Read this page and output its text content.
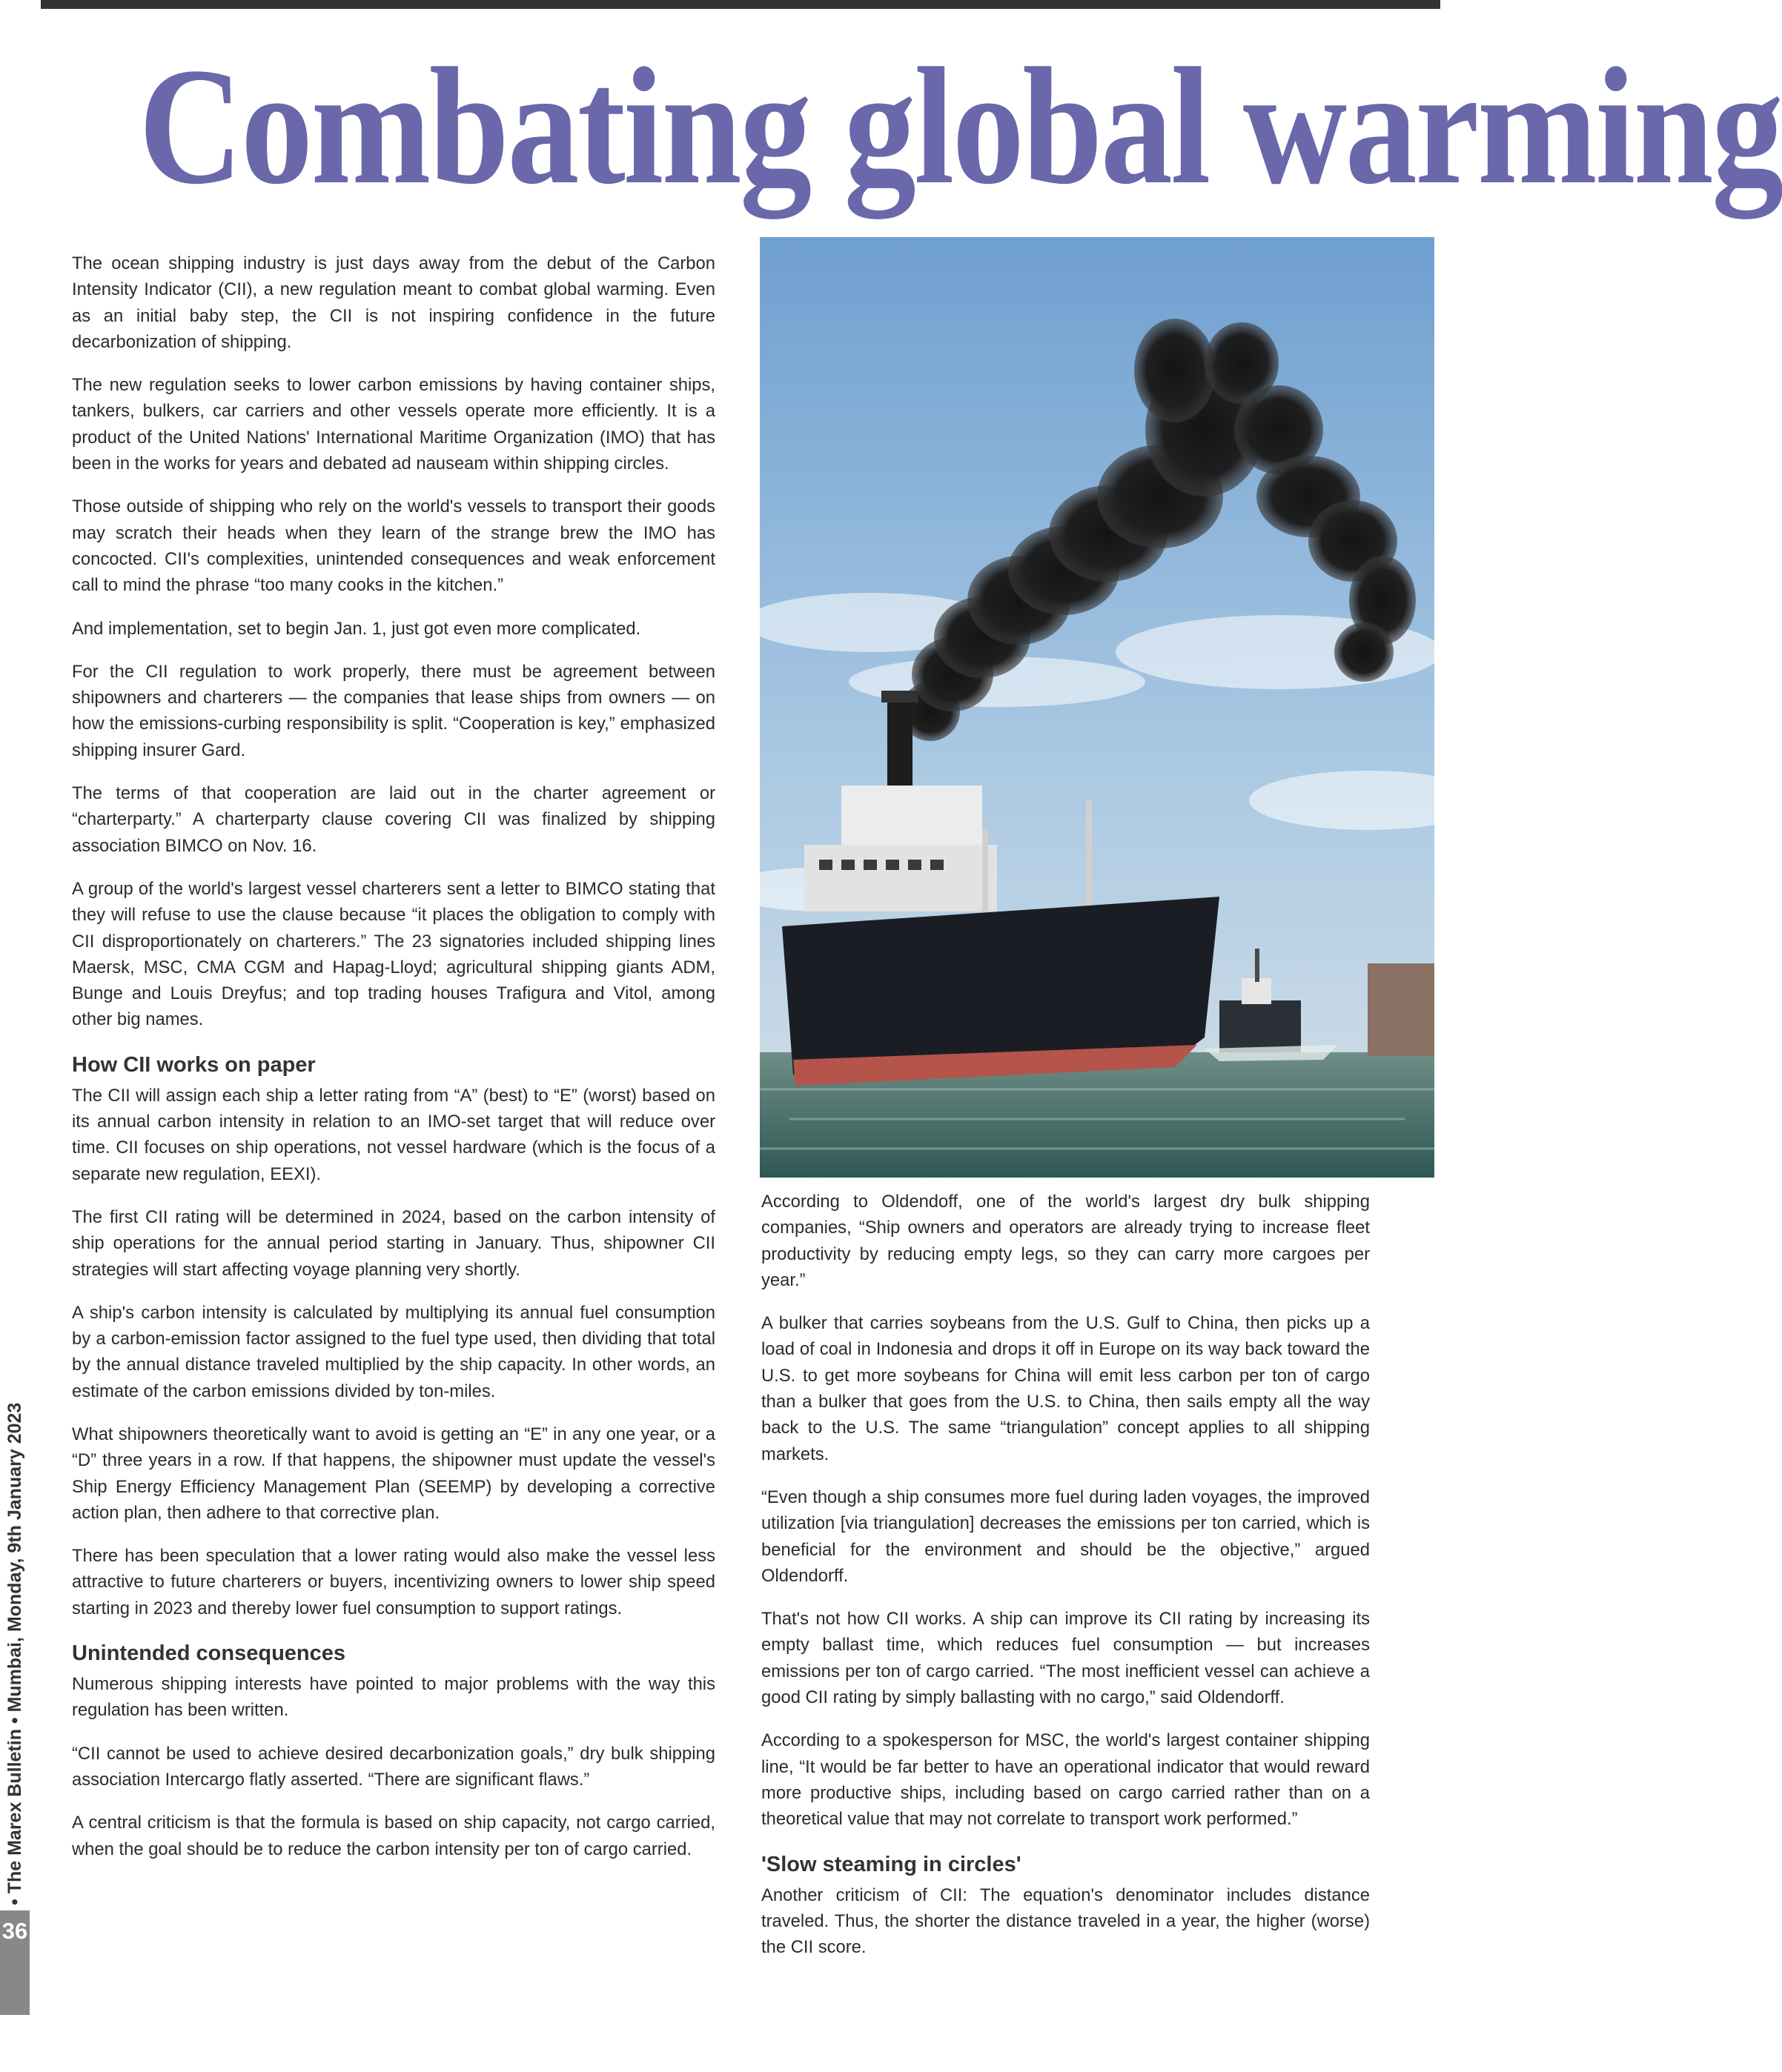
Combating global warming

The ocean shipping industry is just days away from the debut of the Carbon Intensity Indicator (CII), a new regulation meant to combat global warming. Even as an initial baby step, the CII is not inspiring confidence in the future decarbonization of shipping.

The new regulation seeks to lower carbon emissions by having container ships, tankers, bulkers, car carriers and other vessels operate more efficiently. It is a product of the United Nations' International Maritime Organization (IMO) that has been in the works for years and debated ad nauseam within shipping circles.

Those outside of shipping who rely on the world's vessels to transport their goods may scratch their heads when they learn of the strange brew the IMO has concocted. CII's complexities, unintended consequences and weak enforcement call to mind the phrase “too many cooks in the kitchen.”

And implementation, set to begin Jan. 1, just got even more complicated.

For the CII regulation to work properly, there must be agreement between shipowners and charterers — the companies that lease ships from owners — on how the emissions-curbing responsibility is split. “Cooperation is key,” emphasized shipping insurer Gard.

The terms of that cooperation are laid out in the charter agreement or “charterparty.” A charterparty clause covering CII was finalized by shipping association BIMCO on Nov. 16.

A group of the world's largest vessel charterers sent a letter to BIMCO stating that they will refuse to use the clause because “it places the obligation to comply with CII disproportionately on charterers.” The 23 signatories included shipping lines Maersk, MSC, CMA CGM and Hapag-Lloyd; agricultural shipping giants ADM, Bunge and Louis Dreyfus; and top trading houses Trafigura and Vitol, among other big names.

How CII works on paper

The CII will assign each ship a letter rating from “A” (best) to “E” (worst) based on its annual carbon intensity in relation to an IMO-set target that will reduce over time. CII focuses on ship operations, not vessel hardware (which is the focus of a separate new regulation, EEXI).

The first CII rating will be determined in 2024, based on the carbon intensity of ship operations for the annual period starting in January. Thus, shipowner CII strategies will start affecting voyage planning very shortly.

A ship's carbon intensity is calculated by multiplying its annual fuel consumption by a carbon-emission factor assigned to the fuel type used, then dividing that total by the annual distance traveled multiplied by the ship capacity. In other words, an estimate of the carbon emissions divided by ton-miles.

What shipowners theoretically want to avoid is getting an “E” in any one year, or a “D” three years in a row. If that happens, the shipowner must update the vessel's Ship Energy Efficiency Management Plan (SEEMP) by developing a corrective action plan, then adhere to that corrective plan.

There has been speculation that a lower rating would also make the vessel less attractive to future charterers or buyers, incentivizing owners to lower ship speed starting in 2023 and thereby lower fuel consumption to support ratings.

Unintended consequences

Numerous shipping interests have pointed to major problems with the way this regulation has been written.

“CII cannot be used to achieve desired decarbonization goals,” dry bulk shipping association Intercargo flatly asserted. “There are significant flaws.”

A central criticism is that the formula is based on ship capacity, not cargo carried, when the goal should be to reduce the carbon intensity per ton of cargo carried.

According to Oldendoff, one of the world's largest dry bulk shipping companies, “Ship owners and operators are already trying to increase fleet productivity by reducing empty legs, so they can carry more cargoes per year.”

A bulker that carries soybeans from the U.S. Gulf to China, then picks up a load of coal in Indonesia and drops it off in Europe on its way back toward the U.S. to get more soybeans for China will emit less carbon per ton of cargo than a bulker that goes from the U.S. to China, then sails empty all the way back to the U.S. The same “triangulation” concept applies to all shipping markets.

“Even though a ship consumes more fuel during laden voyages, the improved utilization [via triangulation] decreases the emissions per ton carried, which is beneficial for the environment and should be the objective,” argued Oldendorff.

That's not how CII works. A ship can improve its CII rating by increasing its empty ballast time, which reduces fuel consumption — but increases emissions per ton of cargo carried. “The most inefficient vessel can achieve a good CII rating by simply ballasting with no cargo,” said Oldendorff.

According to a spokesperson for MSC, the world's largest container shipping line, “It would be far better to have an operational indicator that would reward more productive ships, including based on cargo carried rather than on a theoretical value that may not correlate to transport work performed.”

'Slow steaming in circles'

Another criticism of CII: The equation's denominator includes distance traveled. Thus, the shorter the distance traveled in a year, the higher (worse) the CII score.

• The Marex Bulletin • Mumbai, Monday, 9th January 2023
36
